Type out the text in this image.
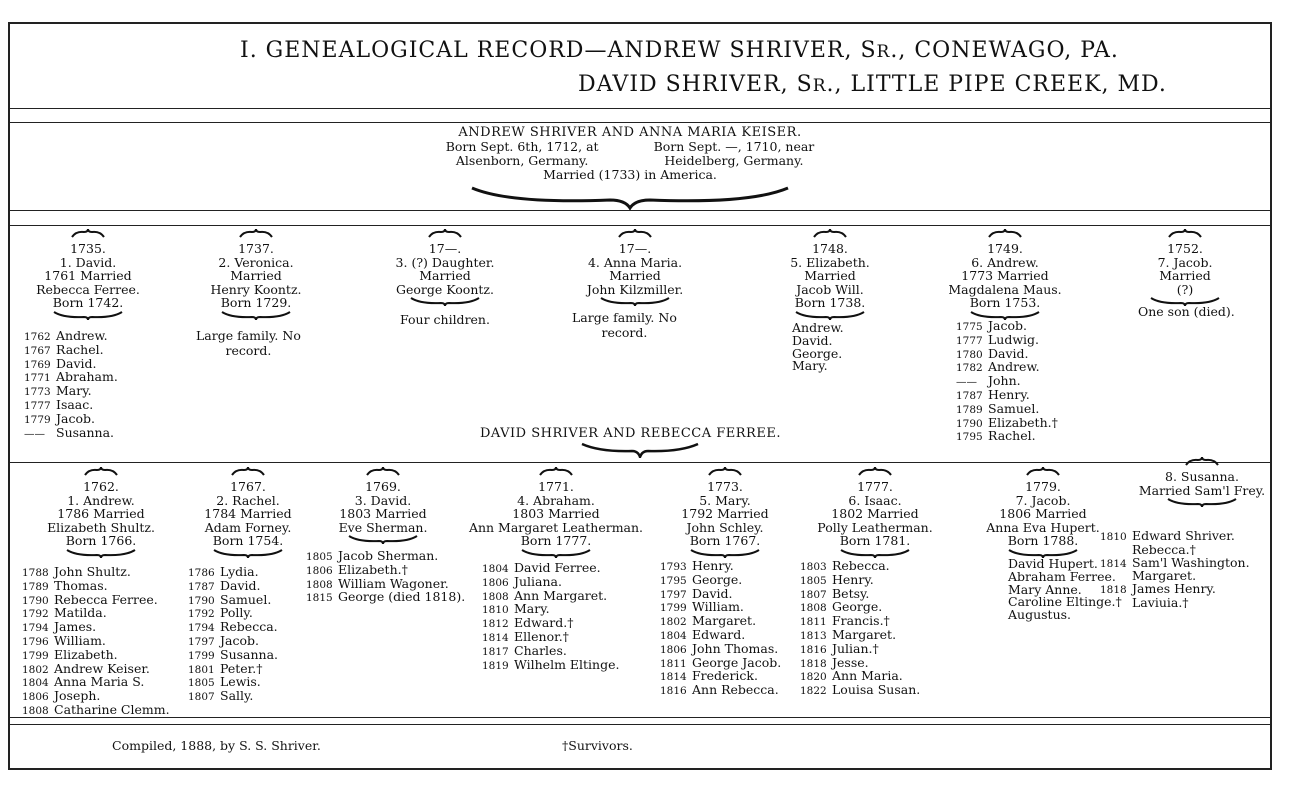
I. GENEALOGICAL RECORD—ANDREW SHRIVER, SR., CONEWAGO, PA.
DAVID SHRIVER, SR., LITTLE PIPE CREEK, MD.
ANDREW SHRIVER AND ANNA MARIA KEISER.
Born Sept. 6th, 1712, at
Alsenborn, Germany.
Born Sept. —, 1710, near
Heidelberg, Germany.
Married (1733) in America.
1735.
1. David.
1761 Married
Rebecca Ferree.
Born 1742.
1737.
2. Veronica.
Married
Henry Koontz.
Born 1729.
17—.
3. (?) Daughter.
Married
George Koontz.
17—.
4. Anna Maria.
Married
John Kilzmiller.
1748.
5. Elizabeth.
Married
Jacob Will.
Born 1738.
1749.
6. Andrew.
1773 Married
Magdalena Maus.
Born 1753.
1752.
7. Jacob.
Married
(?)
1762 Andrew.
1767 Rachel.
1769 David.
1771 Abraham.
1773 Mary.
1777 Isaac.
1779 Jacob.
—— Susanna.
Large family. No
record.
Four children.	Large family. No
record.	Andrew.
David.
George.
Mary.
1775 Jacob.
1777 Ludwig.
1780 David.
1782 Andrew.
—— John.
1787 Henry.
1789 Samuel.
1790 Elizabeth.†
1795 Rachel.
One son (died).
DAVID SHRIVER AND REBECCA FERREE.
1762.
1. Andrew.
1786 Married
Elizabeth Shultz.
Born 1766.
1788 John Shultz.
1789 Thomas.
1790 Rebecca Ferree.
1792 Matilda.
1794 James.
1796 William.
1799 Elizabeth.
1802 Andrew Keiser.
1804 Anna Maria S.
1806 Joseph.
1808 Catharine Clemm.
1767.
2. Rachel.
1784 Married
Adam Forney.
Born 1754.
1786 Lydia.
1787 David.
1790 Samuel.
1792 Polly.
1794 Rebecca.
1797 Jacob.
1799 Susanna.
1801 Peter.†
1805 Lewis.
1807 Sally.
1769.
3. David.
1803 Married
Eve Sherman.
1805 Jacob Sherman.
1806 Elizabeth.†
1808 William Wagoner.
1815 George (died 1818).
1771.
4. Abraham.
1803 Married
Ann Margaret Leatherman.
Born 1777.
1804 David Ferree.
1806 Juliana.
1808 Ann Margaret.
1810 Mary.
1812 Edward.†
1814 Ellenor.†
1817 Charles.
1819 Wilhelm Eltinge.
1773.
5. Mary.
1792 Married
John Schley.
Born 1767.
1793 Henry.
1795 George.
1797 David.
1799 William.
1802 Margaret.
1804 Edward.
1806 John Thomas.
1811 George Jacob.
1814 Frederick.
1816 Ann Rebecca.
1777.
6. Isaac.
1802 Married
Polly Leatherman.
Born 1781.
1803 Rebecca.
1805 Henry.
1807 Betsy.
1808 George.
1811 Francis.†
1813 Margaret.
1816 Julian.†
1818 Jesse.
1820 Ann Maria.
1822 Louisa Susan.
1779.
7. Jacob.
1806 Married
Anna Eva Hupert.
Born 1788.
David Hupert.
Abraham Ferree.
Mary Anne.
Caroline Eltinge.†
Augustus.
8. Susanna.
Married Sam'l Frey.
1810 Edward Shriver.
Rebecca.†
1814 Sam'l Washington.
Margaret.
1818 James Henry.
Laviuia.†
Compiled, 1888, by S. S. Shriver.	†Survivors.
